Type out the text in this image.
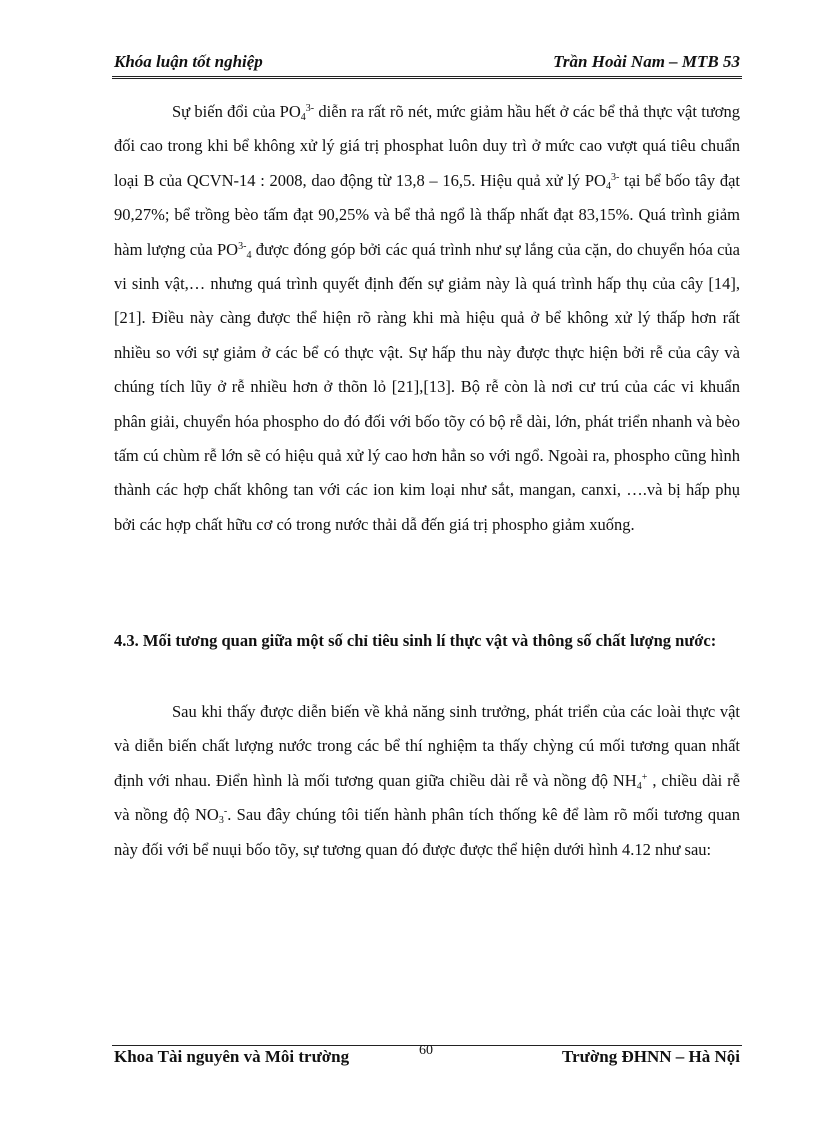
Khóa luận tốt nghiệp	Trần Hoài Nam – MTB 53

Sự biến đổi của $PO_4^{3-}$ diễn ra rất rõ nét, mức giảm hầu hết ở các bể thả thực vật tương đối cao trong khi bể không xử lý giá trị phosphat luôn duy trì ở mức cao vượt quá tiêu chuẩn loại B của QCVN-14 : 2008, dao động từ 13,8 – 16,5. Hiệu quả xử lý $PO_4^{3-}$ tại bể bốo tây đạt 90,27%; bể trồng bèo tấm đạt 90,25% và bể thả ngổ là thấp nhất đạt 83,15%. Quá trình giảm hàm lượng của $PO^{3-}_4$ được đóng góp bởi các quá trình như sự lắng của cặn, do chuyển hóa của vi sinh vật,… nhưng quá trình quyết định đến sự giảm này là quá trình hấp thụ của cây [14], [21]. Điều này càng được thể hiện rõ ràng khi mà hiệu quả ở bể không xử lý thấp hơn rất nhiều so với sự giảm ở các bể có thực vật. Sự hấp thu này được thực hiện bởi rễ của cây và chúng tích lũy ở rễ nhiều hơn ở thõn lỏ [21],[13]. Bộ rễ còn là nơi cư trú của các vi khuẩn phân giải, chuyển hóa phospho do đó đối với bốo tõy có bộ rễ dài, lớn, phát triển nhanh và bèo tấm cú chùm rễ lớn sẽ có hiệu quả xử lý cao hơn hẳn so với ngổ. Ngoài ra, phospho cũng hình thành các hợp chất không tan với các ion kim loại như sắt, mangan, canxi, ….và bị hấp phụ bởi các hợp chất hữu cơ có trong nước thải dẫ đến giá trị phospho giảm xuống.

4.3. Mối tương quan giữa một số chỉ tiêu sinh lí thực vật và thông số chất lượng nước:

Sau khi thấy được diễn biến về khả năng sinh trưởng, phát triển của các loài thực vật và diễn biến chất lượng nước trong các bể thí nghiệm ta thấy chỳng cú mối tương quan nhất định với nhau. Điển hình là mối tương quan giữa chiều dài rễ và nồng độ $NH_4^+$ , chiều dài rễ và nồng độ $NO_3^-$. Sau đây chúng tôi tiến hành phân tích thống kê để làm rõ mối tương quan này đối với bể nuụi bốo tõy, sự tương quan đó được được thể hiện dưới hình 4.12 như sau:

Khoa Tài nguyên và Môi trường	60	Trường ĐHNN – Hà Nội
